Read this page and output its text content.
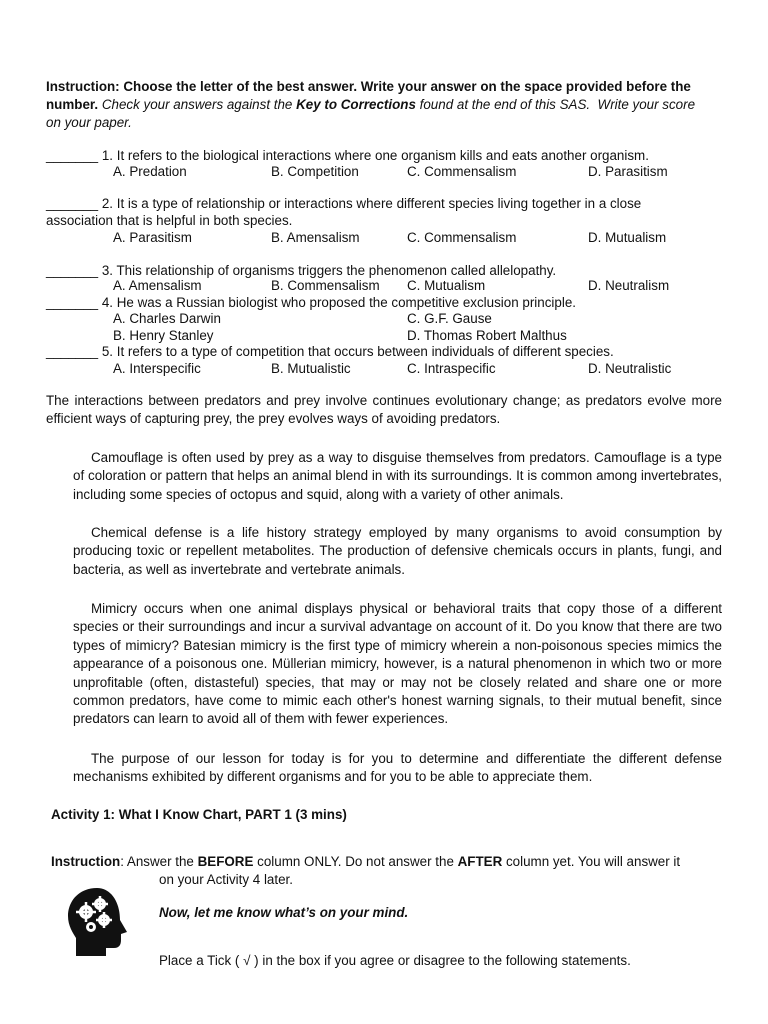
Instruction: Choose the letter of the best answer. Write your answer on the space provided before the
number. Check your answers against the Key to Corrections found at the end of this SAS.  Write your score
on your paper.
_______ 1. It refers to the biological interactions where one organism kills and eats another organism.
A. Predation	B. Competition	C. Commensalism	D. Parasitism
_______ 2. It is a type of relationship or interactions where different species living together in a close
association that is helpful in both species.
A. Parasitism	B. Amensalism	C. Commensalism	D. Mutualism
_______ 3. This relationship of organisms triggers the phenomenon called allelopathy.
A. Amensalism	B. Commensalism C. Mutualism	D. Neutralism
_______ 4. He was a Russian biologist who proposed the competitive exclusion principle.
A. Charles Darwin	C. G.F. Gause
B. Henry Stanley	D. Thomas Robert Malthus
_______ 5. It refers to a type of competition that occurs between individuals of different species.
A. Interspecific	B. Mutualistic	C. Intraspecific	D. Neutralistic
The interactions between predators and prey involve continues evolutionary change; as predators evolve more efficient ways of capturing prey, the prey evolves ways of avoiding predators.
Camouflage is often used by prey as a way to disguise themselves from predators. Camouflage is a type of coloration or pattern that helps an animal blend in with its surroundings. It is common among invertebrates, including some species of octopus and squid, along with a variety of other animals.
Chemical defense is a life history strategy employed by many organisms to avoid consumption by producing toxic or repellent metabolites. The production of defensive chemicals occurs in plants, fungi, and bacteria, as well as invertebrate and vertebrate animals.
Mimicry occurs when one animal displays physical or behavioral traits that copy those of a different species or their surroundings and incur a survival advantage on account of it. Do you know that there are two types of mimicry? Batesian mimicry is the first type of mimicry wherein a non-poisonous species mimics the appearance of a poisonous one. Müllerian mimicry, however, is a natural phenomenon in which two or more unprofitable (often, distasteful) species, that may or may not be closely related and share one or more common predators, have come to mimic each other's honest warning signals, to their mutual benefit, since predators can learn to avoid all of them with fewer experiences.
The purpose of our lesson for today is for you to determine and differentiate the different defense mechanisms exhibited by different organisms and for you to be able to appreciate them.
Activity 1: What I Know Chart, PART 1 (3 mins)
Instruction: Answer the BEFORE column ONLY. Do not answer the AFTER column yet. You will answer it
on your Activity 4 later.
Now, let me know what’s on your mind.
Place a Tick ( √ ) in the box if you agree or disagree to the following statements.
